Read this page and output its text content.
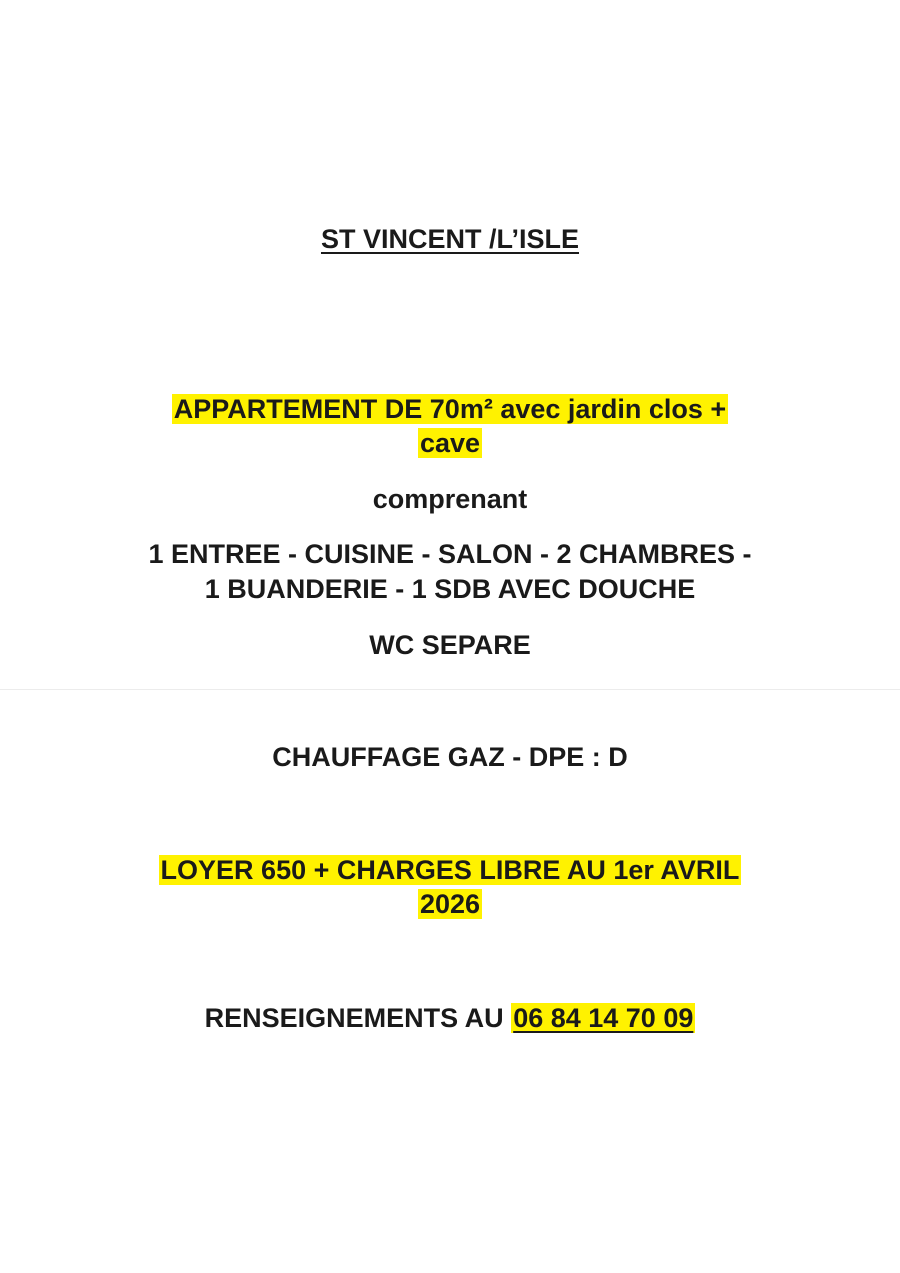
ST VINCENT /L’ISLE
APPARTEMENT DE 70m² avec jardin clos +
cave
comprenant
1 ENTREE - CUISINE - SALON - 2 CHAMBRES -
1 BUANDERIE - 1 SDB AVEC DOUCHE
WC SEPARE
CHAUFFAGE GAZ - DPE : D
LOYER 650 + CHARGES LIBRE AU 1er AVRIL
2026
RENSEIGNEMENTS AU 06 84 14 70 09
